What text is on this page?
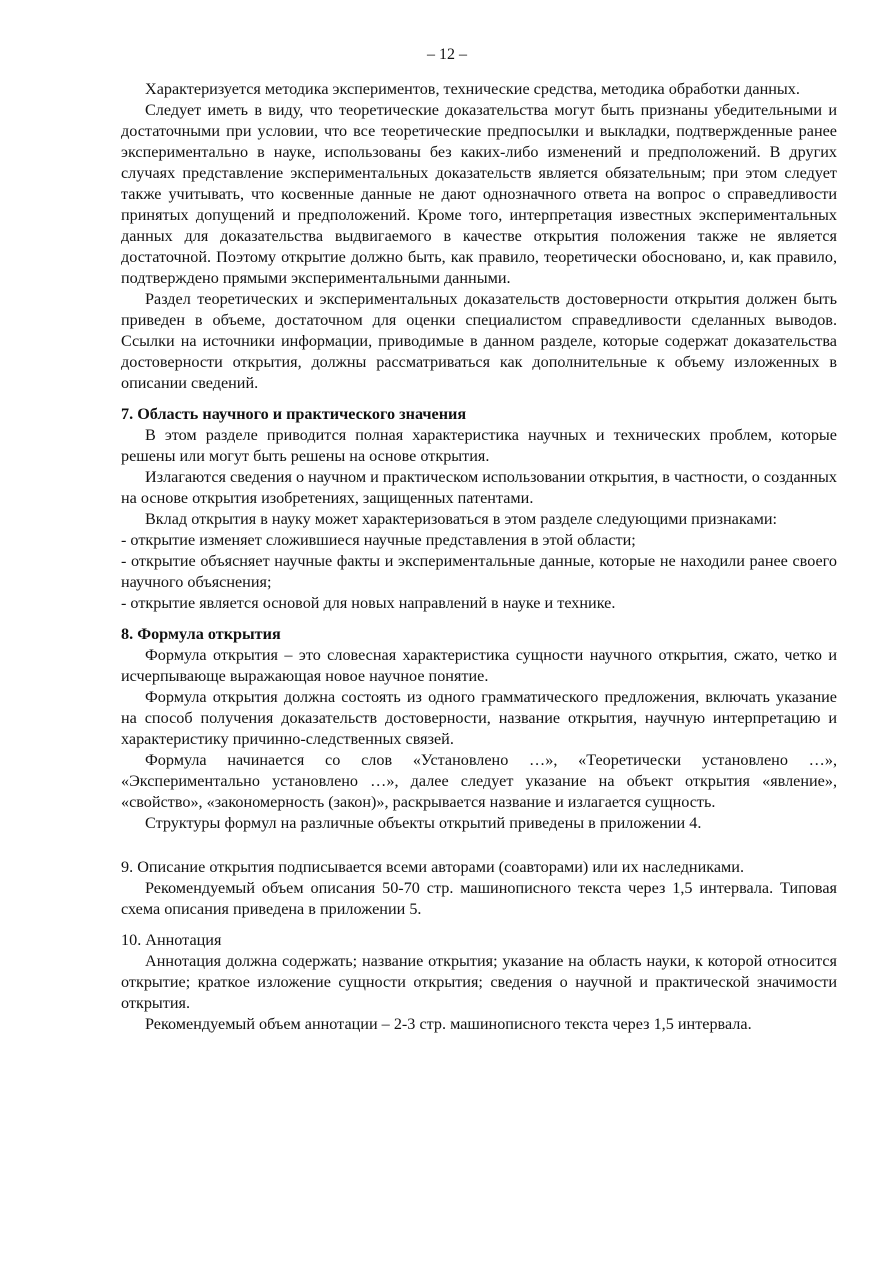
– 12 –

Характеризуется методика экспериментов, технические средства, методика обработки данных.

Следует иметь в виду, что теоретические доказательства могут быть признаны убедительными и достаточными при условии, что все теоретические предпосылки и выкладки, подтвержденные ранее экспериментально в науке, использованы без каких-либо изменений и предположений. В других случаях представление экспериментальных доказательств является обязательным; при этом следует также учитывать, что косвенные данные не дают однозначного ответа на вопрос о справедливости принятых допущений и предположений. Кроме того, интерпретация известных экспериментальных данных для доказательства выдвигаемого в качестве открытия положения также не является достаточной. Поэтому открытие должно быть, как правило, теоретически обосновано, и, как правило, подтверждено прямыми экспериментальными данными.

Раздел теоретических и экспериментальных доказательств достоверности открытия должен быть приведен в объеме, достаточном для оценки специалистом справедливости сделанных выводов. Ссылки на источники информации, приводимые в данном разделе, которые содержат доказательства достоверности открытия, должны рассматриваться как дополнительные к объему изложенных в описании сведений.

7. Область научного и практического значения

В этом разделе приводится полная характеристика научных и технических проблем, которые решены или могут быть решены на основе открытия.

Излагаются сведения о научном и практическом использовании открытия, в частности, о созданных на основе открытия изобретениях, защищенных патентами.

Вклад открытия в науку может характеризоваться в этом разделе следующими признаками:

- открытие изменяет сложившиеся научные представления в этой области;

- открытие объясняет научные факты и экспериментальные данные, которые не находили ранее своего научного объяснения;

- открытие является основой для новых направлений в науке и технике.

8. Формула открытия

Формула открытия – это словесная характеристика сущности научного открытия, сжато, четко и исчерпывающе выражающая новое научное понятие.

Формула открытия должна состоять из одного грамматического предложения, включать указание на способ получения доказательств достоверности, название открытия, научную интерпретацию и характеристику причинно-следственных связей.

Формула начинается со слов «Установлено …», «Теоретически установлено …», «Экспериментально установлено …», далее следует указание на объект открытия «явление», «свойство», «закономерность (закон)», раскрывается название и излагается сущность.

Структуры формул на различные объекты открытий приведены в приложении 4.

9. Описание открытия подписывается всеми авторами (соавторами) или их наследниками.

Рекомендуемый объем описания 50-70 стр. машинописного текста через 1,5 интервала. Типовая схема описания приведена в приложении 5.

10. Аннотация

Аннотация должна содержать; название открытия; указание на область науки, к которой относится открытие; краткое изложение сущности открытия; сведения о научной и практической значимости открытия.

Рекомендуемый объем аннотации – 2-3 стр. машинописного текста через 1,5 интервала.
